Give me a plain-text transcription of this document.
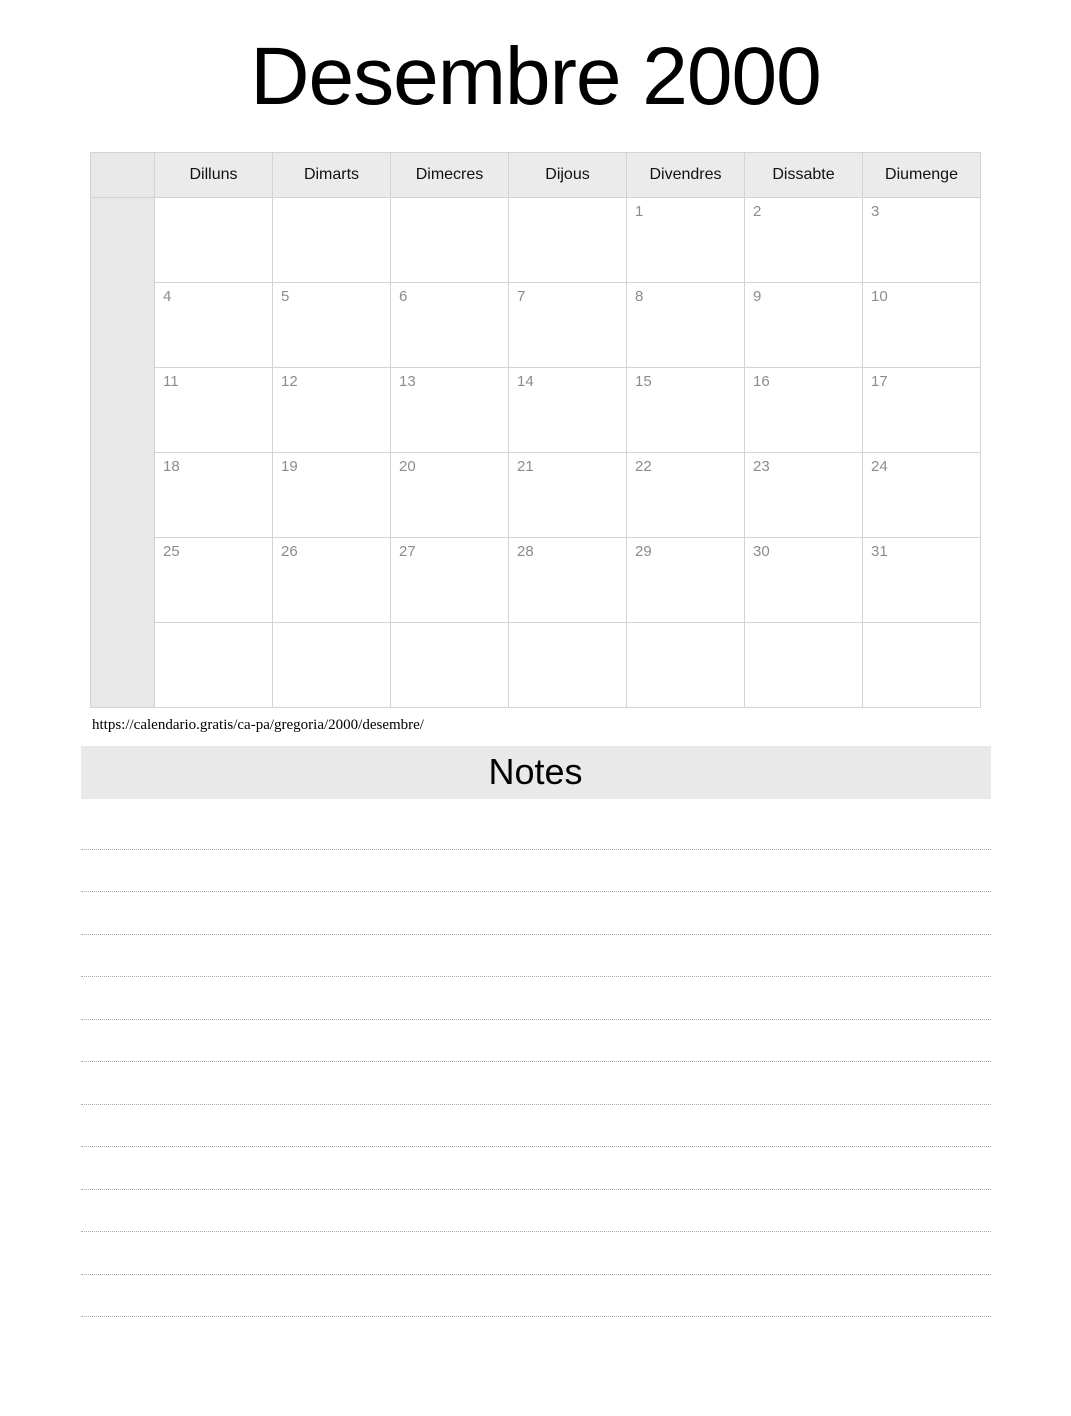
Desembre 2000
	Dilluns	Dimarts	Dimecres	Dijous	Divendres	Dissabte	Diumenge

					1	2	3

	4	5	6	7	8	9	10

	11	12	13	14	15	16	17

	18	19	20	21	22	23	24

	25	26	27	28	29	30	31

https://calendario.gratis/ca-pa/gregoria/2000/desembre/
Notes
